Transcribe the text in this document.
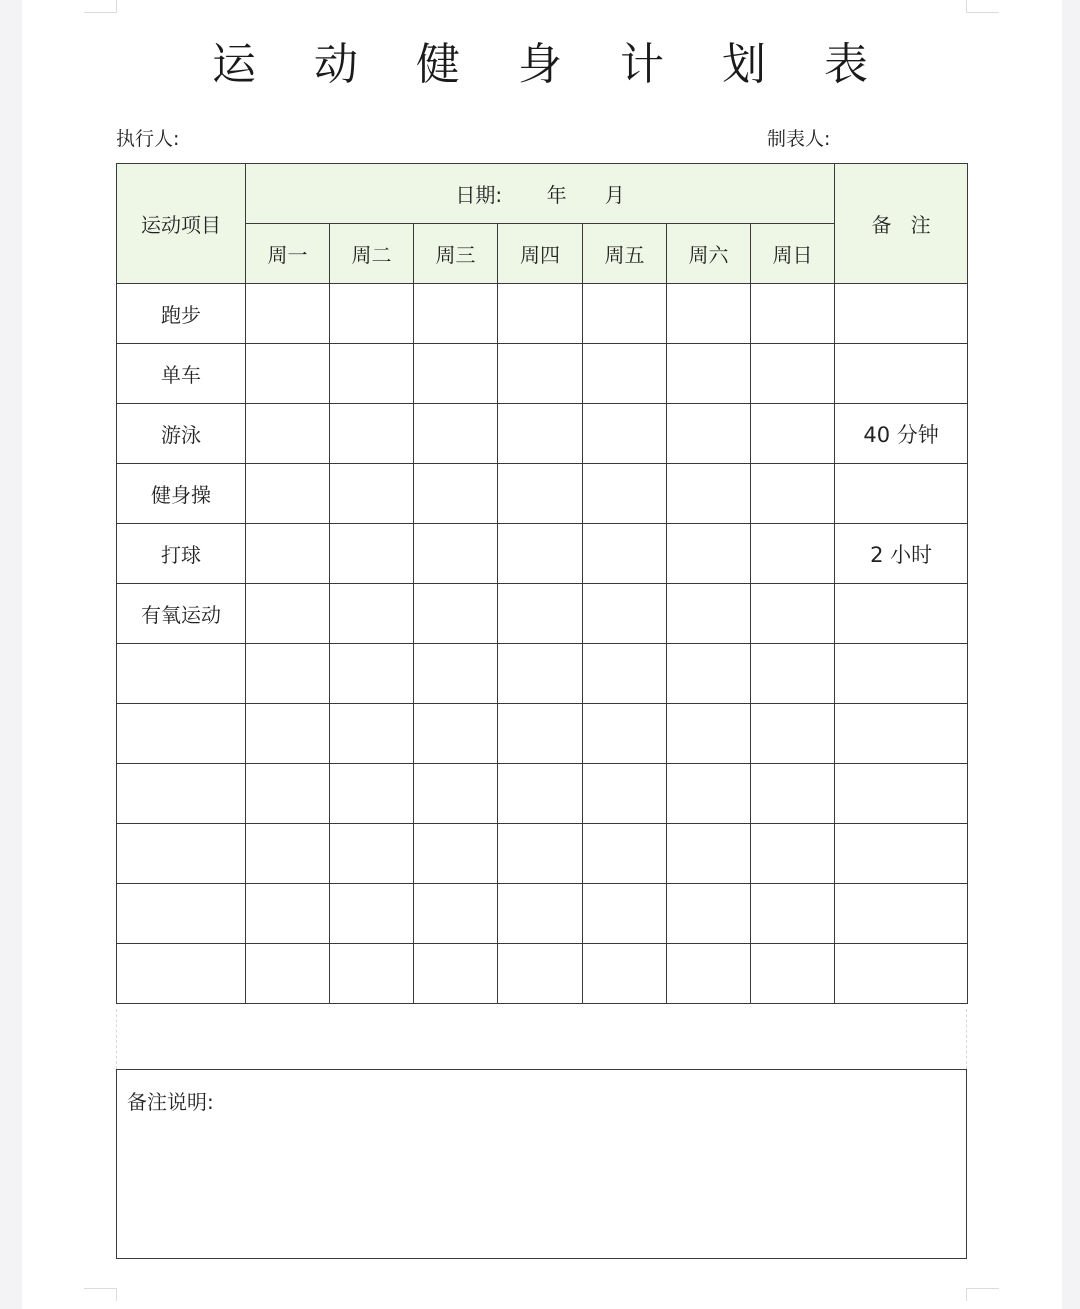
运 动 健 身 计 划 表
执行人:	制表人:
运动项目	日期:       年      月							备   注
	周一	周二	周三	周四	周五	周六	周日	
跑步								
单车								
游泳								40 分钟
健身操								
打球								2 小时
有氧运动								

备注说明:
